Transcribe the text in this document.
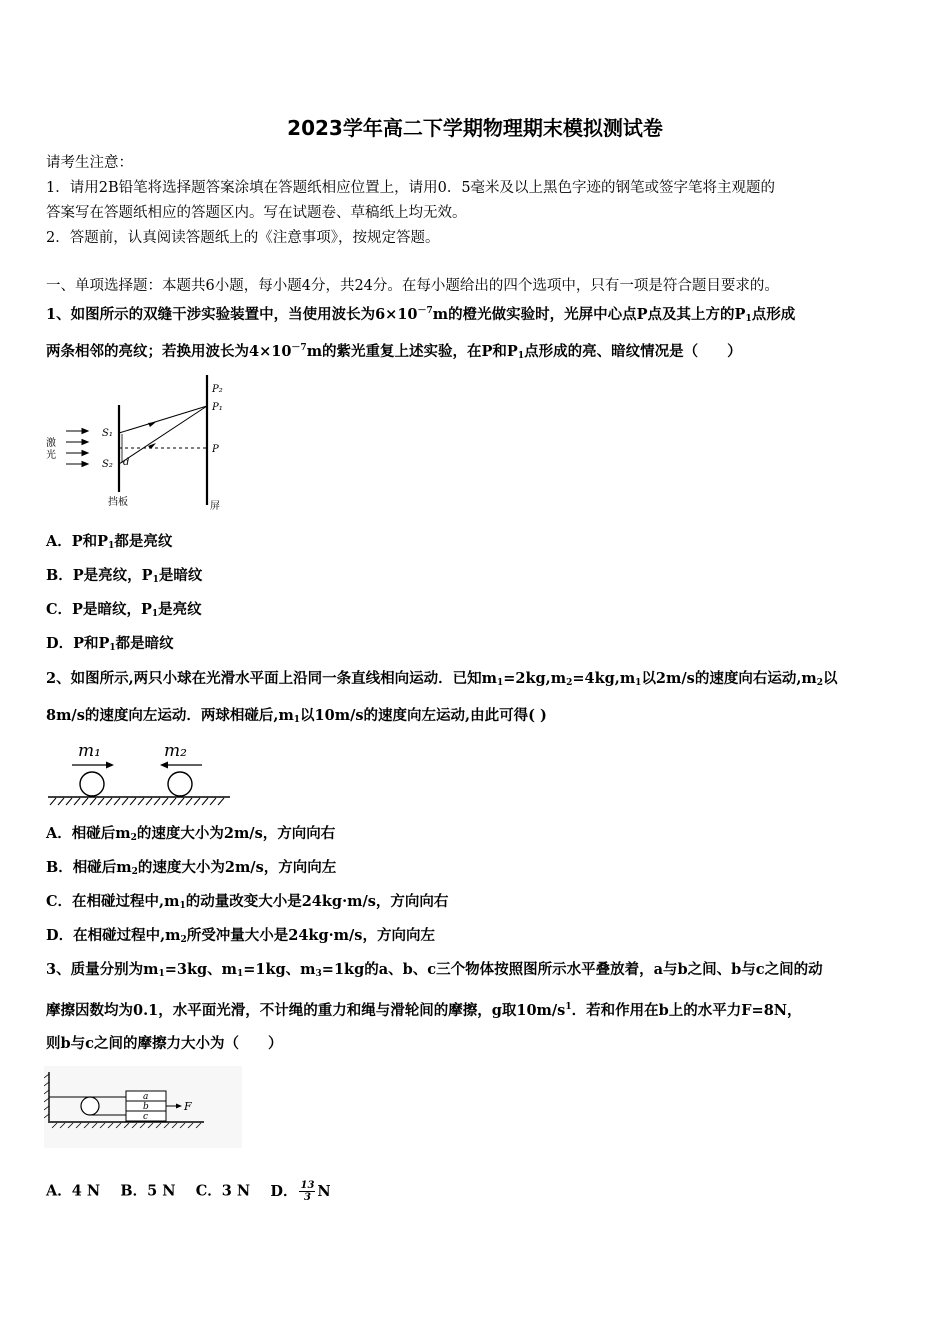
2023学年高二下学期物理期末模拟测试卷
请考生注意：
1．请用2B铅笔将选择题答案涂填在答题纸相应位置上，请用0．5毫米及以上黑色字迹的钢笔或签字笔将主观题的
答案写在答题纸相应的答题区内。写在试题卷、草稿纸上均无效。
2．答题前，认真阅读答题纸上的《注意事项》，按规定答题。
一、单项选择题：本题共6小题，每小题4分，共24分。在每小题给出的四个选项中，只有一项是符合题目要求的。
1、如图所示的双缝干涉实验装置中，当使用波长为$6\times 10^{-7}m$的橙光做实验时，光屏中心点P点及其上方的$P_1$点形成
两条相邻的亮纹；若换用波长为$4\times 10^{-7}m$的紫光重复上述实验，在P和$P_1$点形成的亮、暗纹情况是（　　）
激
光
S₁
S₂ d
P₂
P₁
P
挡板	屏
A．P和$P_1$都是亮纹
B．P是亮纹，$P_1$是暗纹
C．P是暗纹，$P_1$是亮纹
D．P和$P_1$都是暗纹
2、如图所示,两只小球在光滑水平面上沿同一条直线相向运动．已知$m_1=2kg,m_2=4kg,m_1$以2m/s的速度向右运动$,m_2$以
8m/s的速度向左运动．两球相碰后$,m_1$以10m/s的速度向左运动,由此可得( )
m₁	m₂
A．相碰后$m_2$的速度大小为2m/s，方向向右
B．相碰后$m_2$的速度大小为2m/s，方向向左
C．在相碰过程中$,m_1$的动量改变大小是24kg·m/s，方向向右
D．在相碰过程中$,m_2$所受冲量大小是24kg·m/s，方向向左
3、质量分别为$m_1=3kg$、$m_1=1kg$、$m_3=1kg$的a、b、c三个物体按照图所示水平叠放着，a与b之间、b与c之间的动
摩擦因数均为0.1，水平面光滑，不计绳的重力和绳与滑轮间的摩擦，g取$10m/s^1$．若和作用在b上的水平力F=8N，
则b与c之间的摩擦力大小为（　　）
a
b
c
F
A．4 N B．5 N C．3 N D． $\frac{13}{3}$ N
